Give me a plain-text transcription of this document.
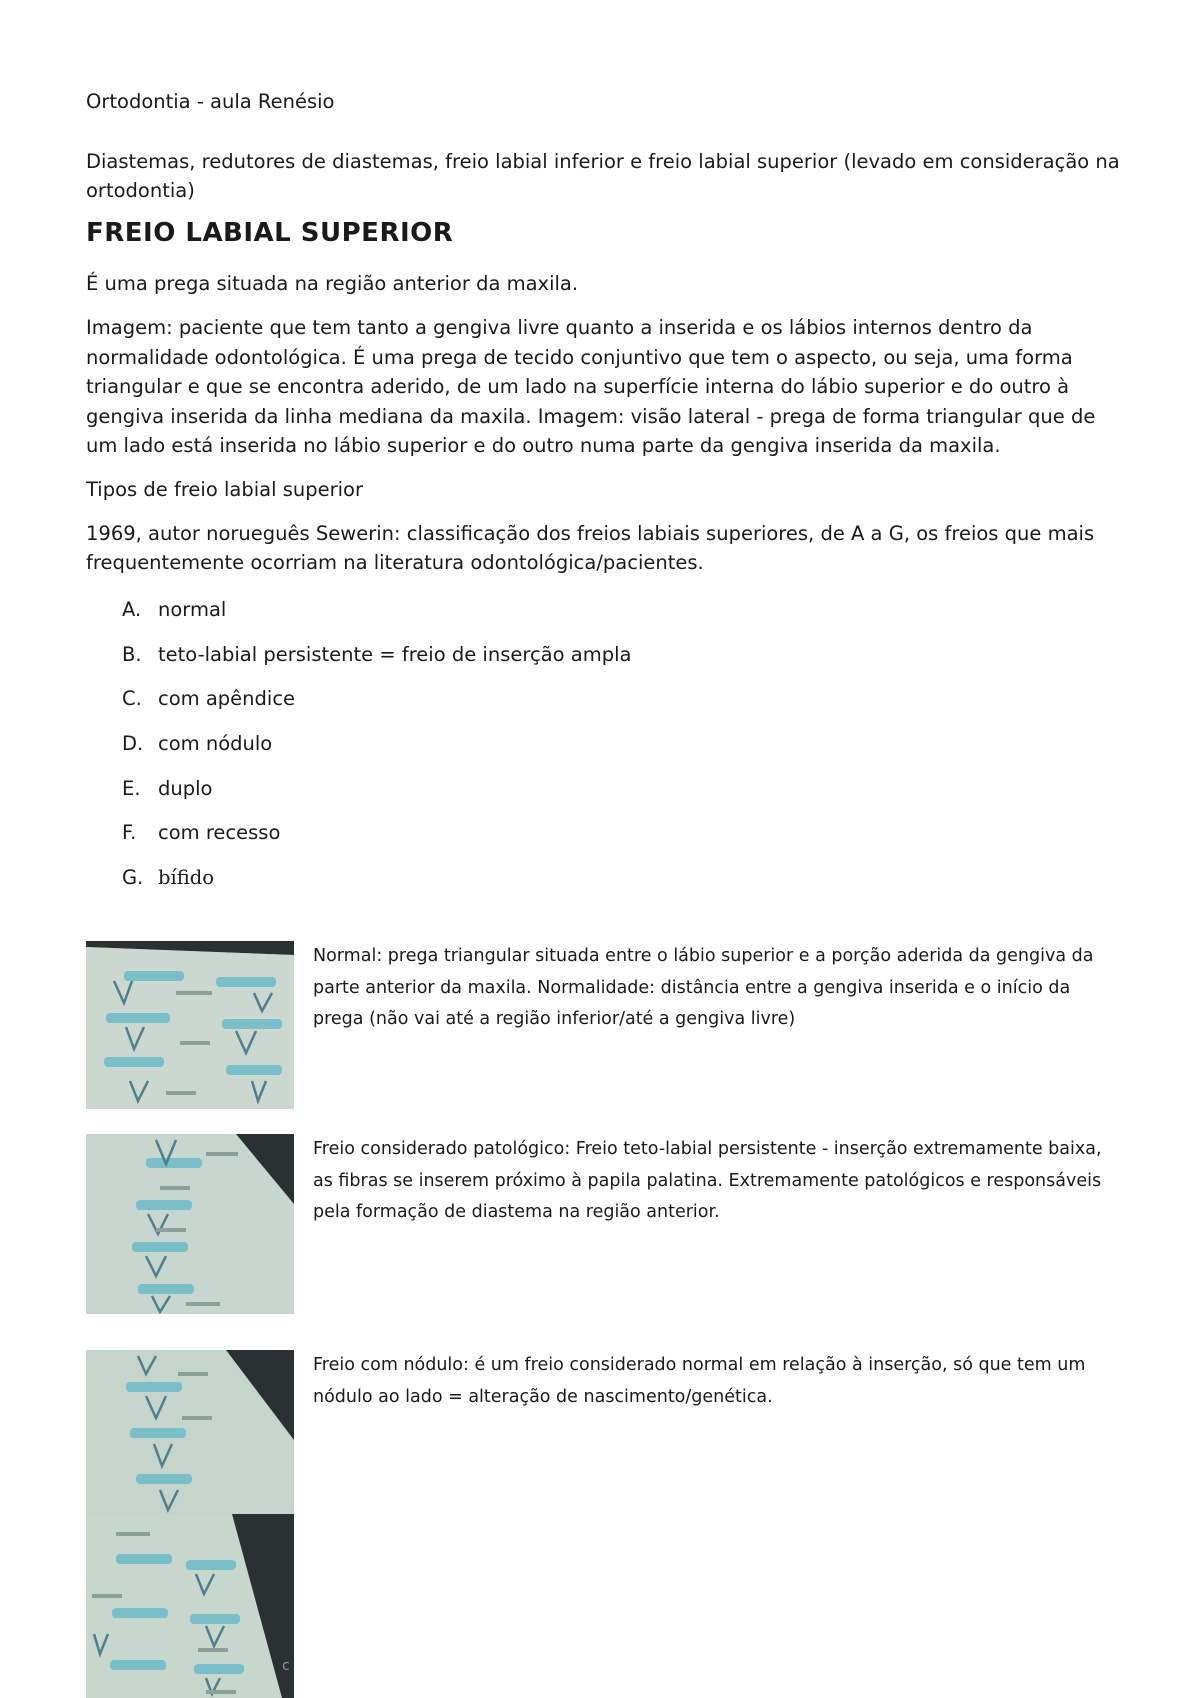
Ortodontia - aula Renésio

Diastemas, redutores de diastemas, freio labial inferior e freio labial superior (levado em consideração na ortodontia)

FREIO LABIAL SUPERIOR

É uma prega situada na região anterior da maxila.

Imagem: paciente que tem tanto a gengiva livre quanto a inserida e os lábios internos dentro da normalidade odontológica. É uma prega de tecido conjuntivo que tem o aspecto, ou seja, uma forma triangular e que se encontra aderido, de um lado na superfície interna do lábio superior e do outro à gengiva inserida da linha mediana da maxila. Imagem: visão lateral - prega de forma triangular que de um lado está inserida no lábio superior e do outro numa parte da gengiva inserida da maxila.

Tipos de freio labial superior

1969, autor norueguês Sewerin: classificação dos freios labiais superiores, de A a G, os freios que mais frequentemente ocorriam na literatura odontológica/pacientes.

A. normal
B. teto-labial persistente = freio de inserção ampla
C. com apêndice
D. com nódulo
E. duplo
F. com recesso
G. bífido

Normal: prega triangular situada entre o lábio superior e a porção aderida da gengiva da parte anterior da maxila. Normalidade: distância entre a gengiva inserida e o início da prega (não vai até a região inferior/até a gengiva livre)

Freio considerado patológico: Freio teto-labial persistente - inserção extremamente baixa, as fibras se inserem próximo à papila palatina. Extremamente patológicos e responsáveis pela formação de diastema na região anterior.

Freio com nódulo: é um freio considerado normal em relação à inserção, só que tem um nódulo ao lado = alteração de nascimento/genética.

c
